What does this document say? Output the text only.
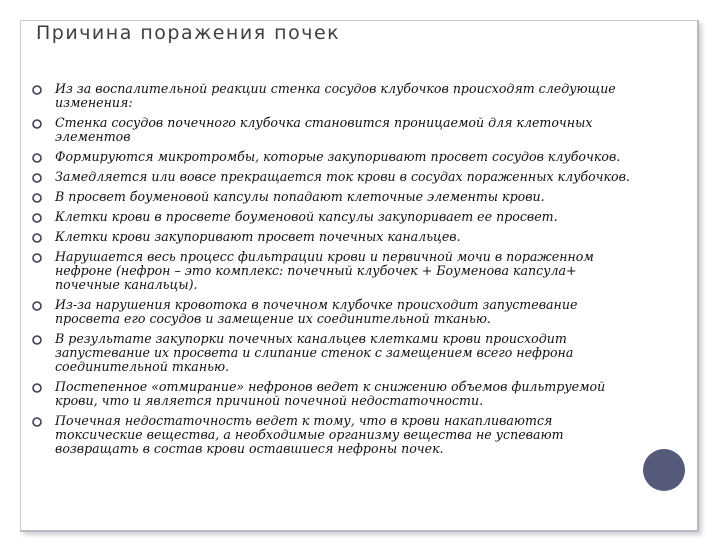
Причина поражения почек
Из за воспалительной реакции стенка сосудов клубочков происходят следующие изменения:
Стенка сосудов почечного клубочка становится проницаемой для клеточных элементов
Формируются микротромбы, которые закупоривают просвет сосудов клубочков.
Замедляется или вовсе прекращается ток крови в сосудах пораженных клубочков.
В просвет боуменовой капсулы попадают клеточные элементы крови.
Клетки крови в просвете боуменовой капсулы закупоривает ее просвет.
Клетки крови закупоривают просвет почечных канальцев.
Нарушается весь процесс фильтрации крови и первичной мочи в пораженном нефроне (нефрон – это комплекс: почечный клубочек + Боуменова капсула+ почечные канальцы).
Из-за нарушения кровотока в почечном клубочке происходит запустевание просвета его сосудов и замещение их соединительной тканью.
В результате закупорки почечных канальцев клетками крови происходит запустевание их просвета и слипание стенок с замещением всего нефрона соединительной тканью.
Постепенное «отмирание» нефронов ведет к снижению объемов фильтруемой крови, что и является причиной почечной недостаточности.
Почечная недостаточность ведет к тому, что в крови накапливаются токсические вещества, а необходимые организму вещества не успевают возвращать в состав крови оставшиеся нефроны почек.
